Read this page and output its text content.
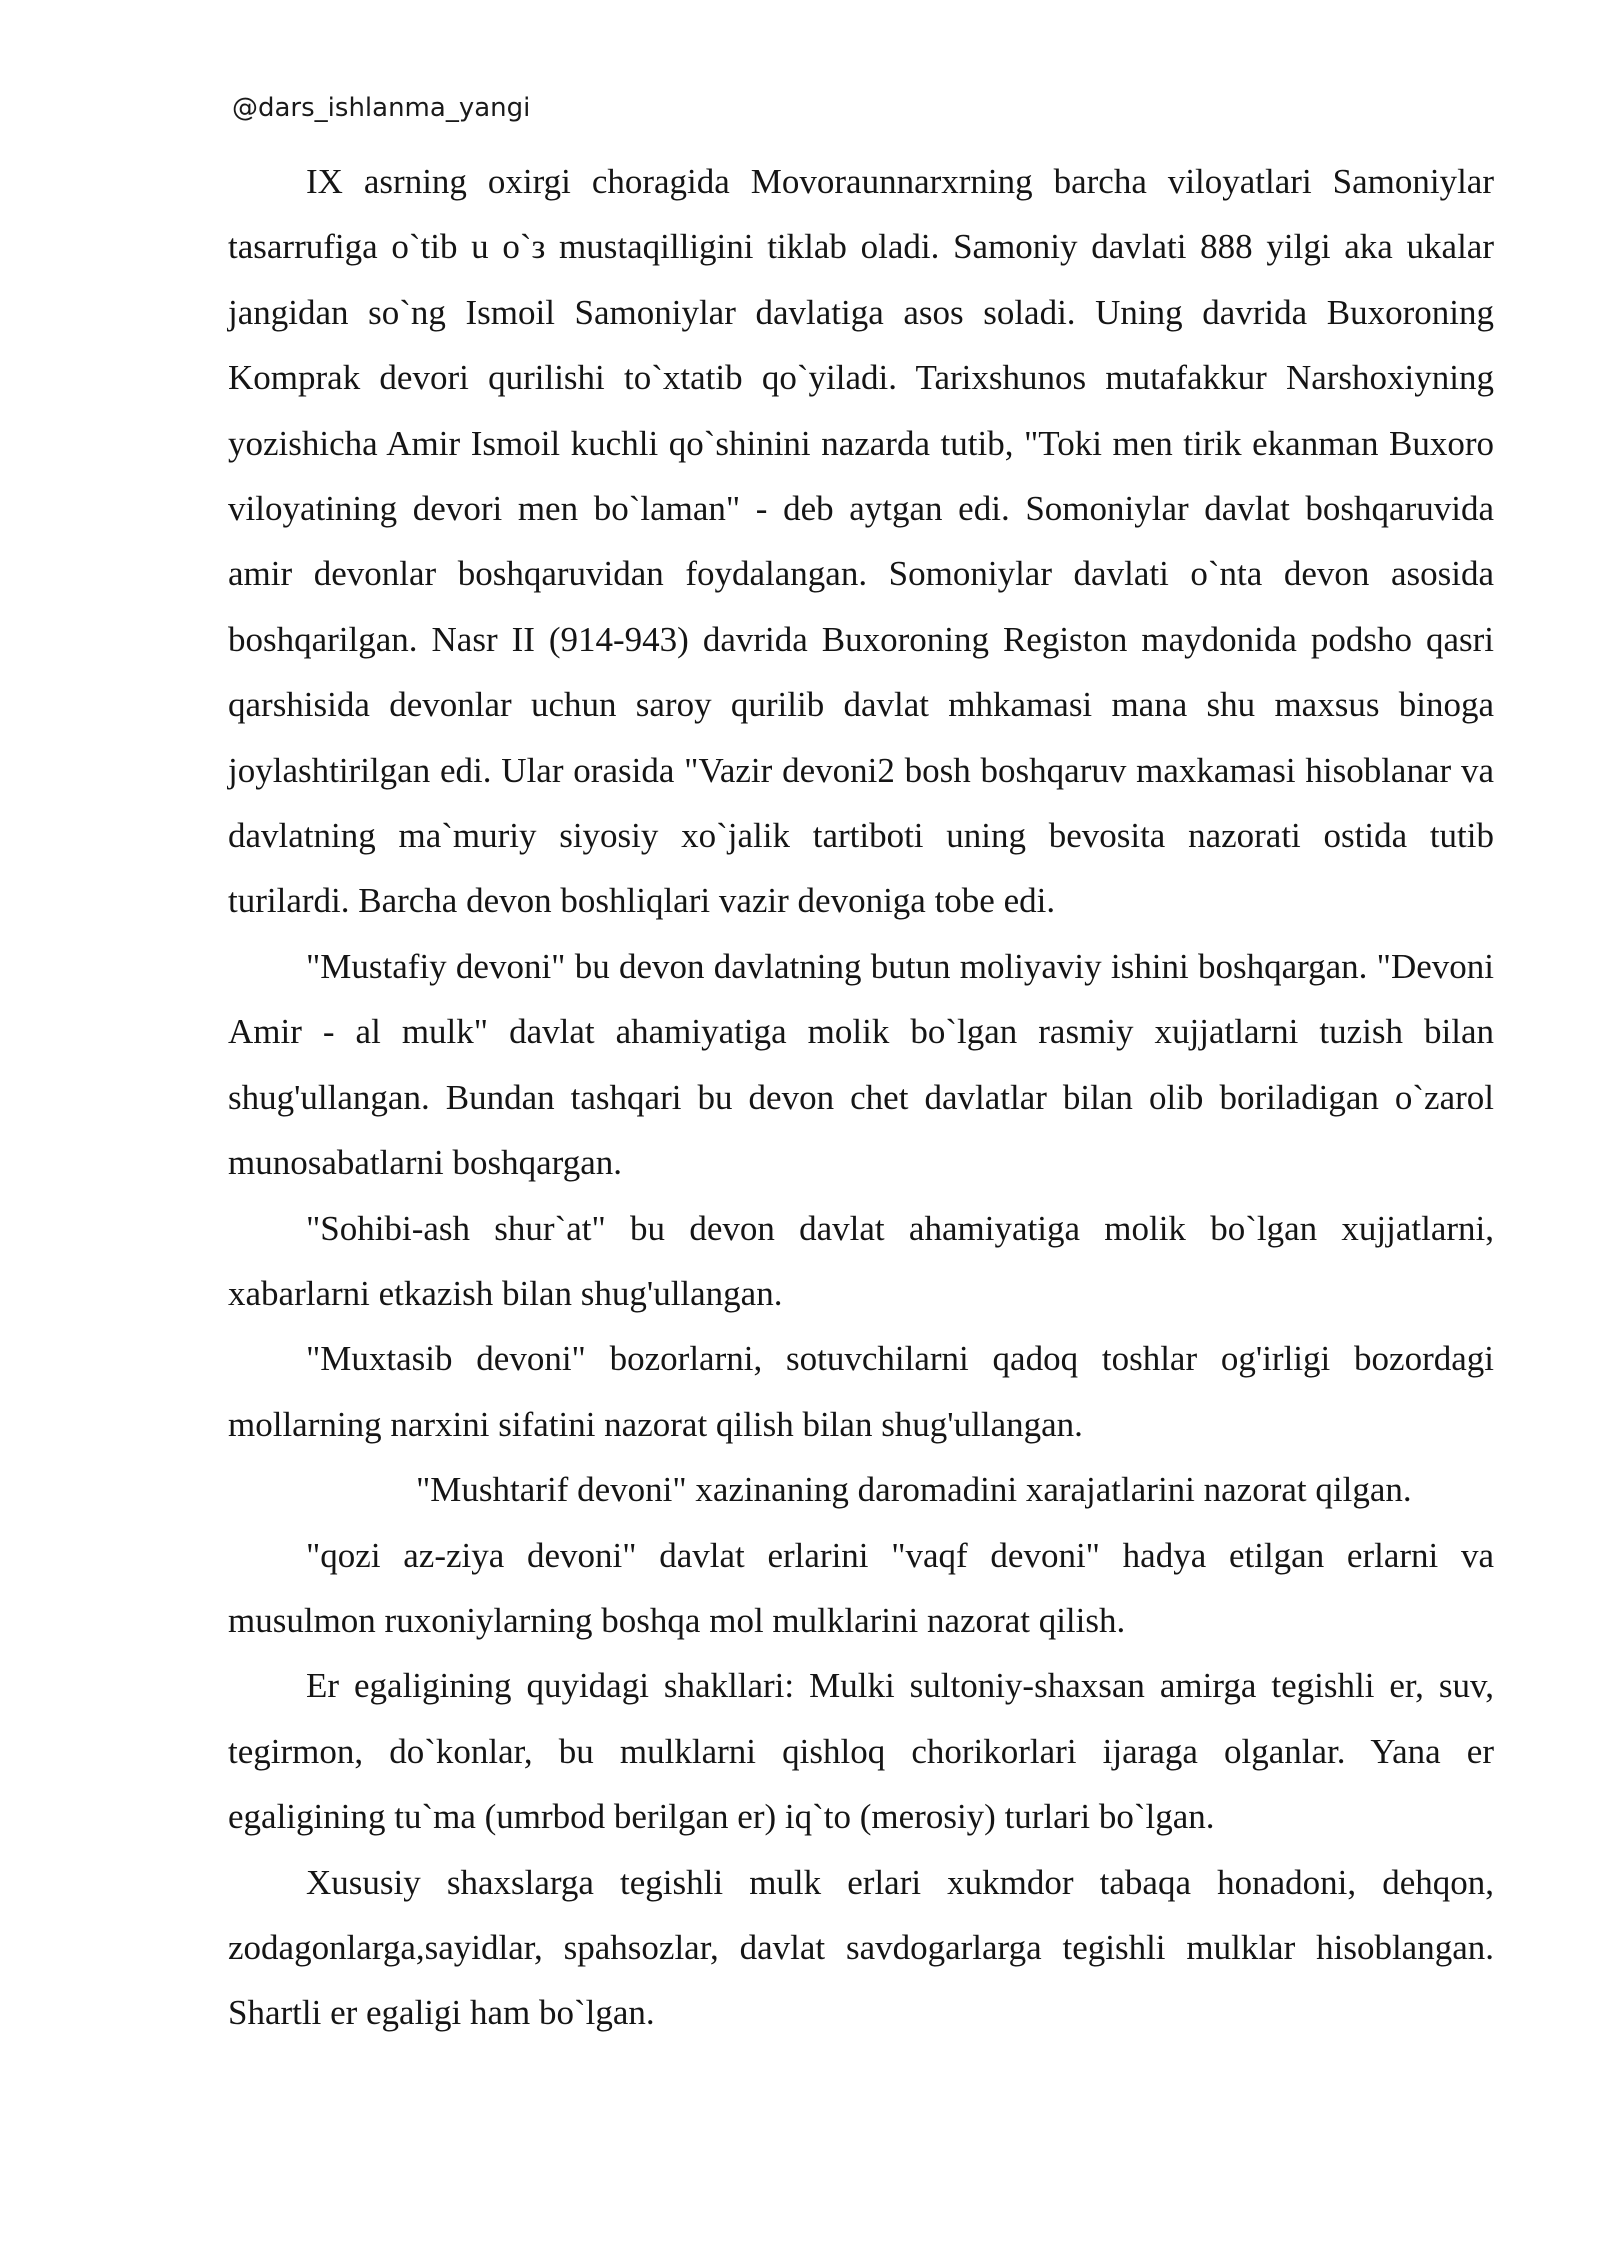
@dars_ishlanma_yangi

IX asrning oxirgi choragida Movoraunnarxrning barcha viloyatlari Samoniylar tasarrufiga o`tib u o`з mustaqilligini tiklab oladi. Samoniy davlati 888 yilgi aka ukalar jangidan so`ng Ismoil Samoniylar davlatiga asos soladi. Uning davrida Buxoroning Komprak devori qurilishi to`xtatib qo`yiladi. Tarixshunos mutafakkur Narshoxiyning yozishicha Amir Ismoil kuchli qo`shinini nazarda tutib, "Toki men tirik ekanman Buxoro viloyatining devori men bo`laman" - deb aytgan edi. Somoniylar davlat boshqaruvida amir devonlar boshqaruvidan foydalangan. Somoniylar davlati o`nta devon asosida boshqarilgan. Nasr II (914-943) davrida Buxoroning Registon maydonida podsho qasri qarshisida devonlar uchun saroy qurilib davlat mhkamasi mana shu maxsus binoga joylashtirilgan edi. Ular orasida "Vazir devoni2 bosh boshqaruv maxkamasi hisoblanar va davlatning ma`muriy siyosiy xo`jalik tartiboti uning bevosita nazorati ostida tutib turilardi. Barcha devon boshliqlari vazir devoniga tobe edi.

"Mustafiy devoni" bu devon davlatning butun moliyaviy ishini boshqargan. "Devoni Amir - al mulk" davlat ahamiyatiga molik bo`lgan rasmiy xujjatlarni tuzish bilan shug'ullangan. Bundan tashqari bu devon chet davlatlar bilan olib boriladigan o`zarol munosabatlarni boshqargan.

"Sohibi-ash shur`at" bu devon davlat ahamiyatiga molik bo`lgan xujjatlarni, xabarlarni etkazish bilan shug'ullangan.

"Muxtasib devoni" bozorlarni, sotuvchilarni qadoq toshlar og'irligi bozordagi mollarning narxini sifatini nazorat qilish bilan shug'ullangan.

"Mushtarif devoni" xazinaning daromadini xarajatlarini nazorat qilgan.

"qozi az-ziya devoni" davlat erlarini "vaqf devoni" hadya etilgan erlarni va musulmon ruxoniylarning boshqa mol mulklarini nazorat qilish.

Er egaligining quyidagi shakllari: Mulki sultoniy-shaxsan amirga tegishli er, suv, tegirmon, do`konlar, bu mulklarni qishloq chorikorlari ijaraga olganlar. Yana er egaligining tu`ma (umrbod berilgan er) iq`to (merosiy) turlari bo`lgan.

Xususiy shaxslarga tegishli mulk erlari xukmdor tabaqa honadoni, dehqon, zodagonlarga,sayidlar, spahsozlar, davlat savdogarlarga tegishli mulklar hisoblangan. Shartli er egaligi ham bo`lgan.
